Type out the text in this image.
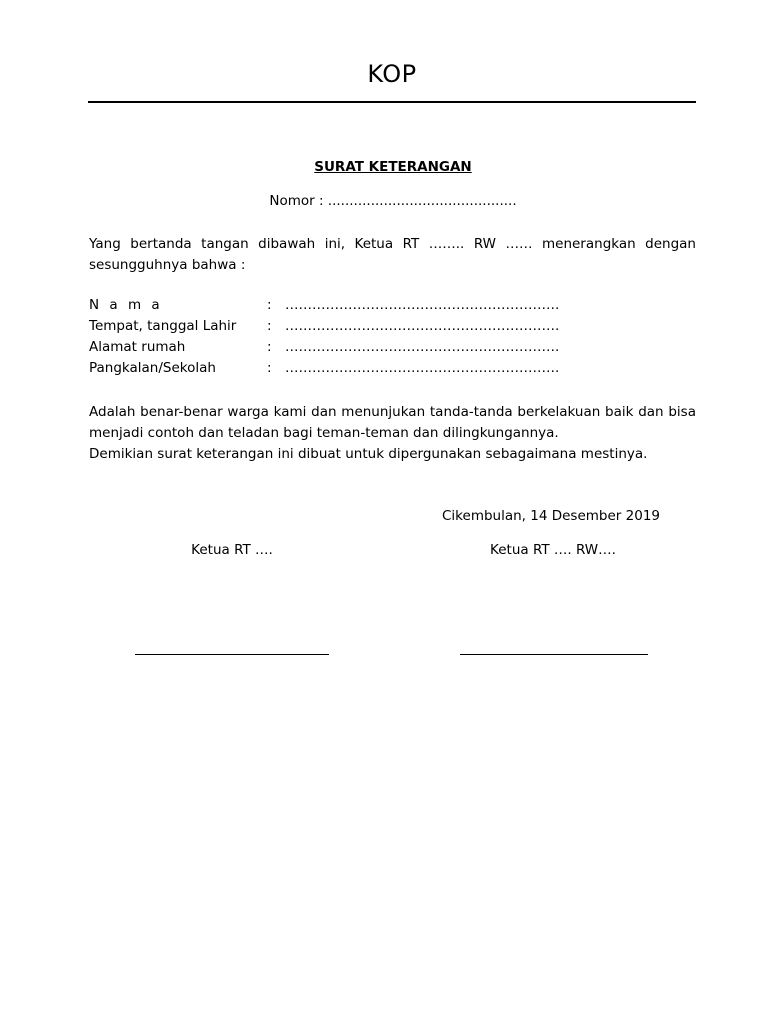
KOP
SURAT KETERANGAN
Nomor : ............................................
Yang bertanda tangan dibawah ini, Ketua RT …….. RW …… menerangkan dengan sesungguhnya bahwa :
N a m a	: …………………………………………………….
Tempat, tanggal Lahir : …………………………………………………….
Alamat rumah	: …………………………………………………….
Pangkalan/Sekolah	: …………………………………………………….
Adalah benar-benar warga kami dan menunjukan tanda-tanda berkelakuan baik dan bisa menjadi contoh dan teladan bagi teman-teman dan dilingkungannya.
Demikian surat keterangan ini dibuat untuk dipergunakan sebagaimana mestinya.
Cikembulan, 14 Desember 2019
Ketua RT ….	Ketua RT …. RW….
